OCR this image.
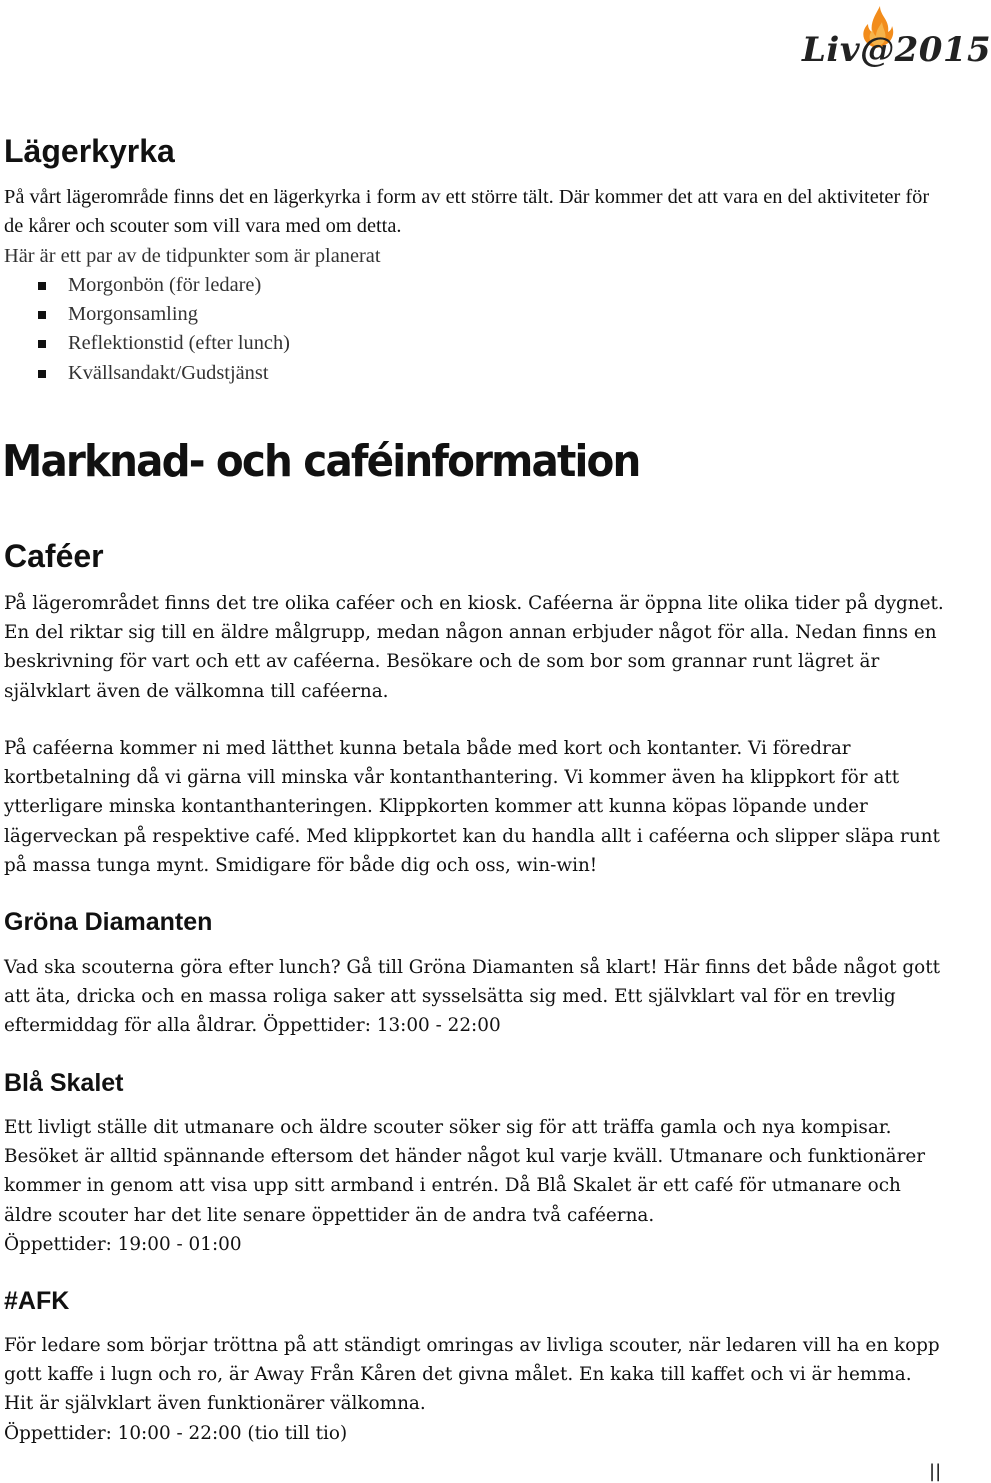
Liv@2015
Lägerkyrka

På vårt lägerområde finns det en lägerkyrka i form av ett större tält. Där kommer det att vara en del aktiviteter för de kårer och scouter som vill vara med om detta.

Här är ett par av de tidpunkter som är planerat

Morgonbön (för ledare)
Morgonsamling
Reflektionstid (efter lunch)
Kvällsandakt/Gudstjänst
Marknad- och caféinformation
Caféer

På lägerområdet finns det tre olika caféer och en kiosk. Caféerna är öppna lite olika tider på dygnet. En del riktar sig till en äldre målgrupp, medan någon annan erbjuder något för alla. Nedan finns en beskrivning för vart och ett av caféerna. Besökare och de som bor som grannar runt lägret är självklart även de välkomna till caféerna.

På caféerna kommer ni med lätthet kunna betala både med kort och kontanter. Vi föredrar kortbetalning då vi gärna vill minska vår kontanthantering. Vi kommer även ha klippkort för att ytterligare minska kontanthanteringen. Klippkorten kommer att kunna köpas löpande under lägerveckan på respektive café. Med klippkortet kan du handla allt i caféerna och slipper släpa runt på massa tunga mynt. Smidigare för både dig och oss, win-win!

Gröna Diamanten

Vad ska scouterna göra efter lunch? Gå till Gröna Diamanten så klart! Här finns det både något gott att äta, dricka och en massa roliga saker att sysselsätta sig med. Ett självklart val för en trevlig eftermiddag för alla åldrar. Öppettider: 13:00 - 22:00

Blå Skalet

Ett livligt ställe dit utmanare och äldre scouter söker sig för att träffa gamla och nya kompisar. Besöket är alltid spännande eftersom det händer något kul varje kväll. Utmanare och funktionärer kommer in genom att visa upp sitt armband i entrén. Då Blå Skalet är ett café för utmanare och äldre scouter har det lite senare öppettider än de andra två caféerna.

Öppettider: 19:00 - 01:00

#AFK

För ledare som börjar tröttna på att ständigt omringas av livliga scouter, när ledaren vill ha en kopp gott kaffe i lugn och ro, är Away Från Kåren det givna målet. En kaka till kaffet och vi är hemma. Hit är självklart även funktionärer välkomna.

Öppettider: 10:00 - 22:00 (tio till tio)

||
